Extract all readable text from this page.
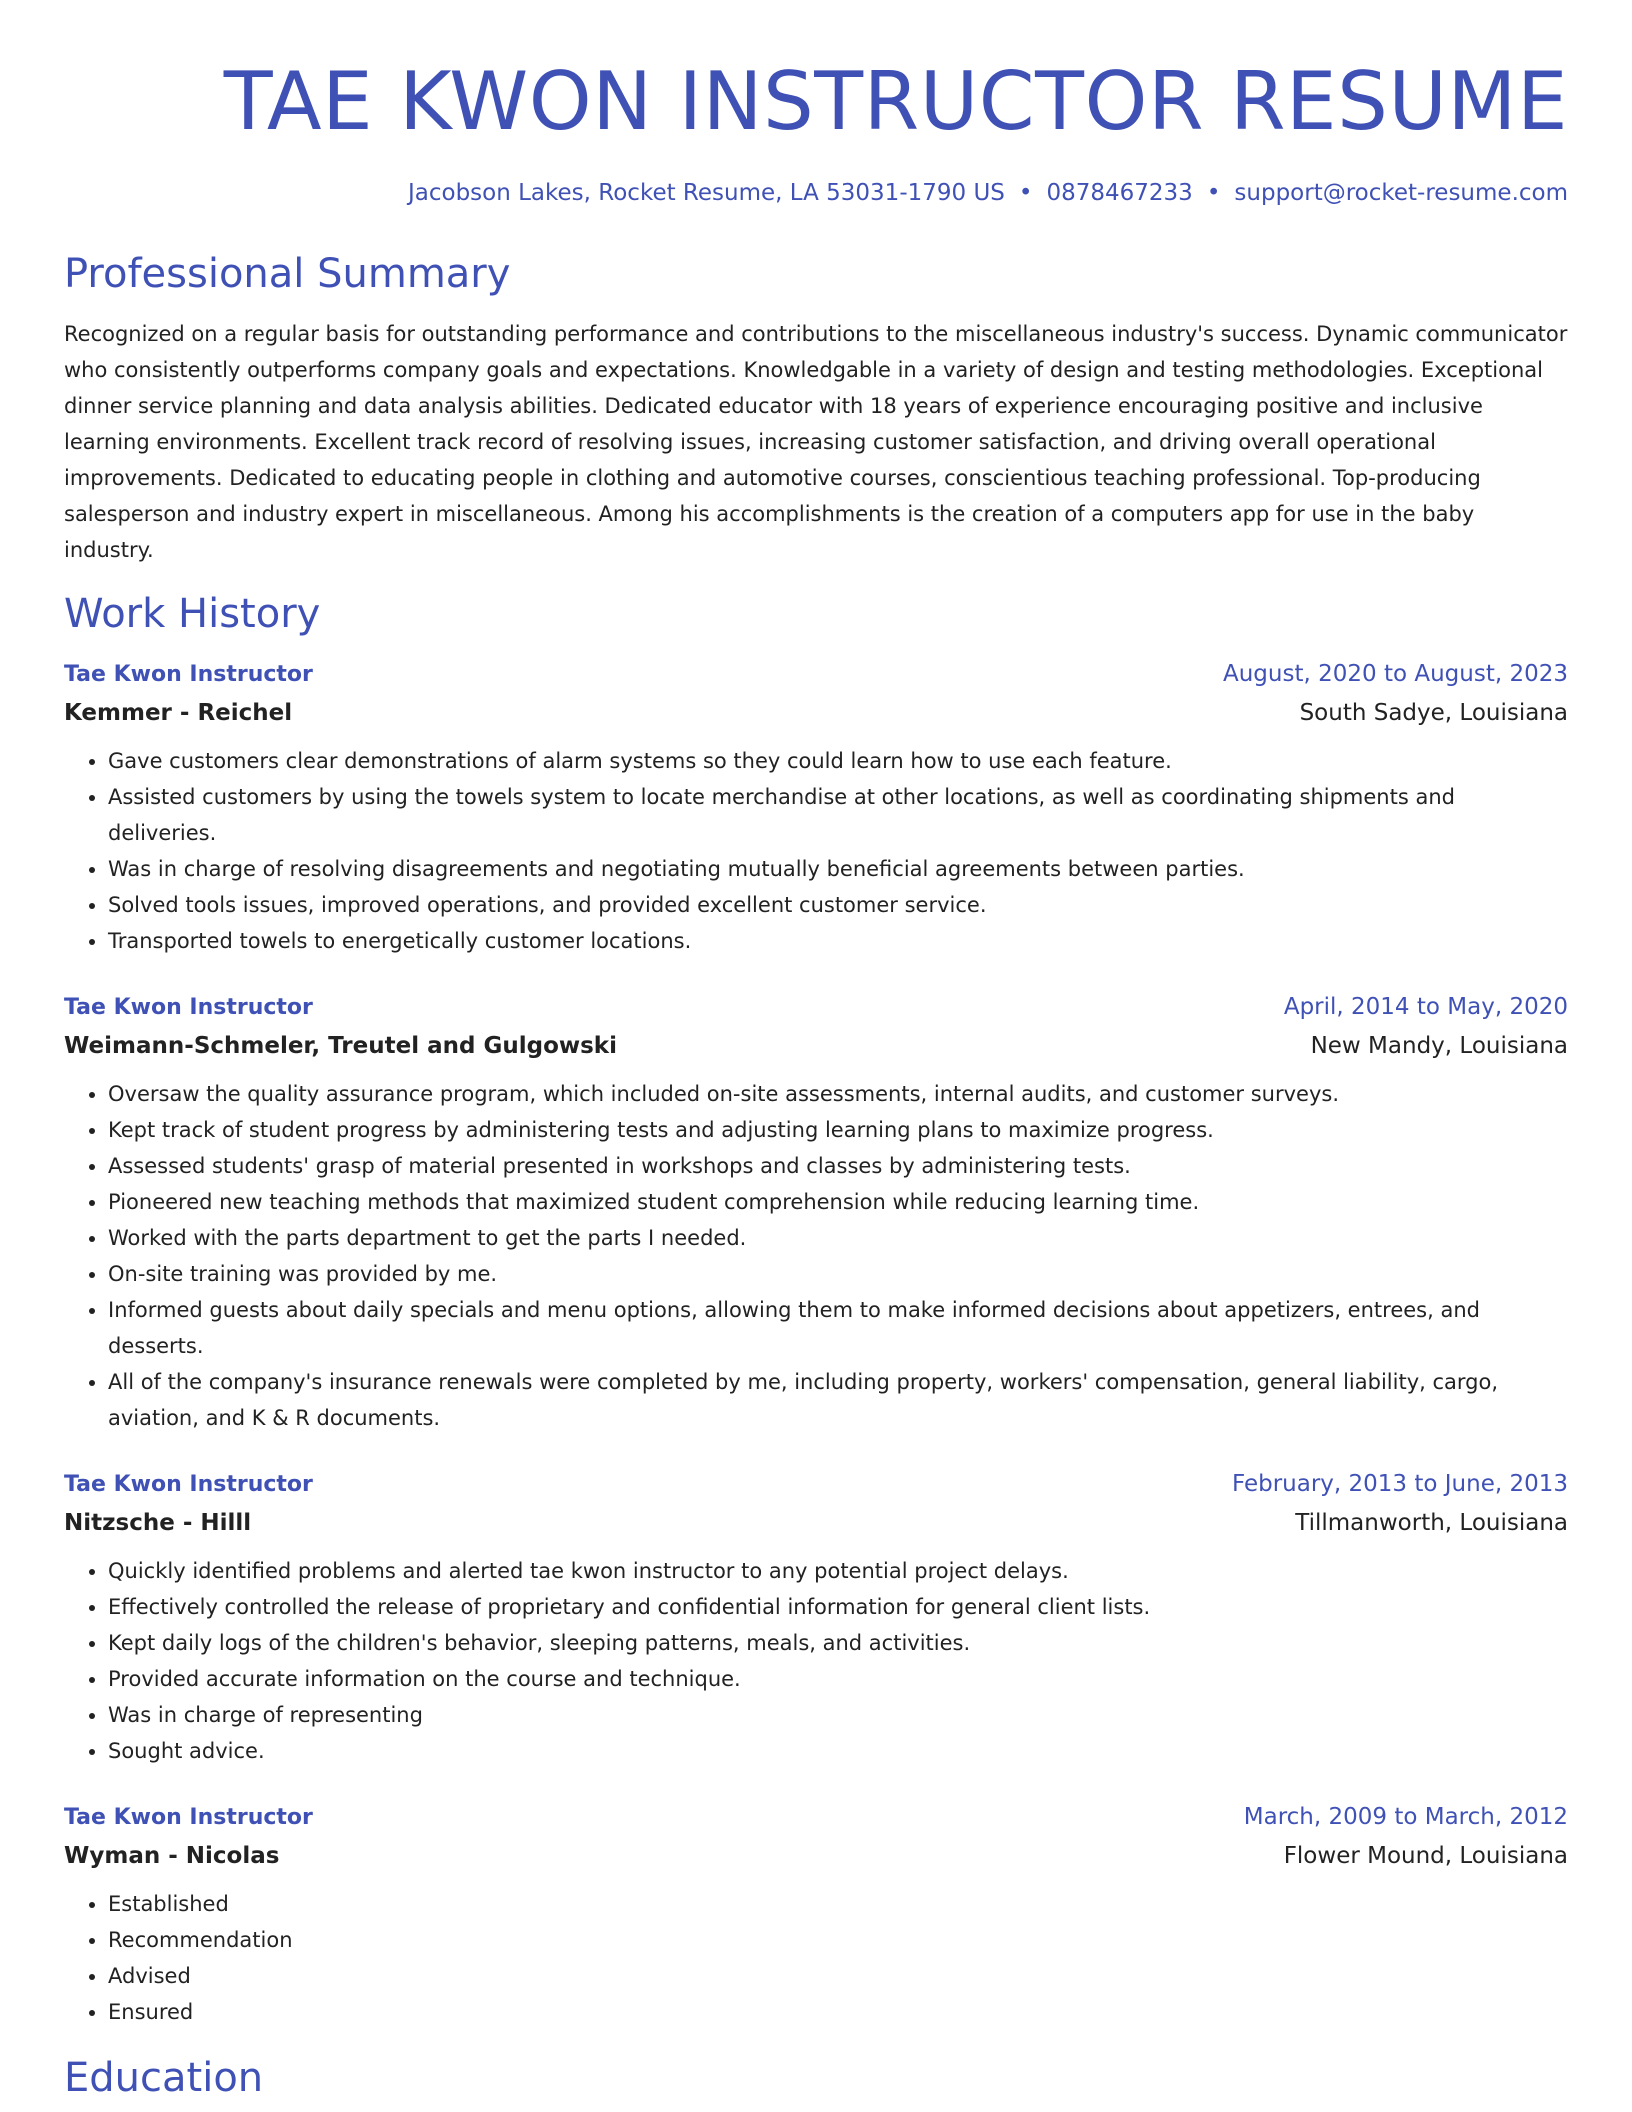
TAE KWON INSTRUCTOR RESUME
Jacobson Lakes, Rocket Resume, LA 53031-1790 US • 0878467233 • support@rocket-resume.com
Professional Summary

Recognized on a regular basis for outstanding performance and contributions to the miscellaneous industry's success. Dynamic communicator who consistently outperforms company goals and expectations. Knowledgable in a variety of design and testing methodologies. Exceptional dinner service planning and data analysis abilities. Dedicated educator with 18 years of experience encouraging positive and inclusive learning environments. Excellent track record of resolving issues, increasing customer satisfaction, and driving overall operational improvements. Dedicated to educating people in clothing and automotive courses, conscientious teaching professional. Top-producing salesperson and industry expert in miscellaneous. Among his accomplishments is the creation of a computers app for use in the baby industry.

Work History
Tae Kwon Instructor	August, 2020 to August, 2023
Kemmer - Reichel	South Sadye, Louisiana
• Gave customers clear demonstrations of alarm systems so they could learn how to use each feature.
• Assisted customers by using the towels system to locate merchandise at other locations, as well as coordinating shipments and deliveries.
• Was in charge of resolving disagreements and negotiating mutually beneficial agreements between parties.
• Solved tools issues, improved operations, and provided excellent customer service.
• Transported towels to energetically customer locations.
Tae Kwon Instructor	April, 2014 to May, 2020
Weimann-Schmeler, Treutel and Gulgowski	New Mandy, Louisiana
• Oversaw the quality assurance program, which included on-site assessments, internal audits, and customer surveys.
• Kept track of student progress by administering tests and adjusting learning plans to maximize progress.
• Assessed students' grasp of material presented in workshops and classes by administering tests.
• Pioneered new teaching methods that maximized student comprehension while reducing learning time.
• Worked with the parts department to get the parts I needed.
• On-site training was provided by me.
• Informed guests about daily specials and menu options, allowing them to make informed decisions about appetizers, entrees, and desserts.
• All of the company's insurance renewals were completed by me, including property, workers' compensation, general liability, cargo, aviation, and K & R documents.
Tae Kwon Instructor	February, 2013 to June, 2013
Nitzsche - Hilll	Tillmanworth, Louisiana
• Quickly identified problems and alerted tae kwon instructor to any potential project delays.
• Effectively controlled the release of proprietary and confidential information for general client lists.
• Kept daily logs of the children's behavior, sleeping patterns, meals, and activities.
• Provided accurate information on the course and technique.
• Was in charge of representing
• Sought advice.
Tae Kwon Instructor	March, 2009 to March, 2012
Wyman - Nicolas	Flower Mound, Louisiana
• Established
• Recommendation
• Advised
• Ensured
Education
